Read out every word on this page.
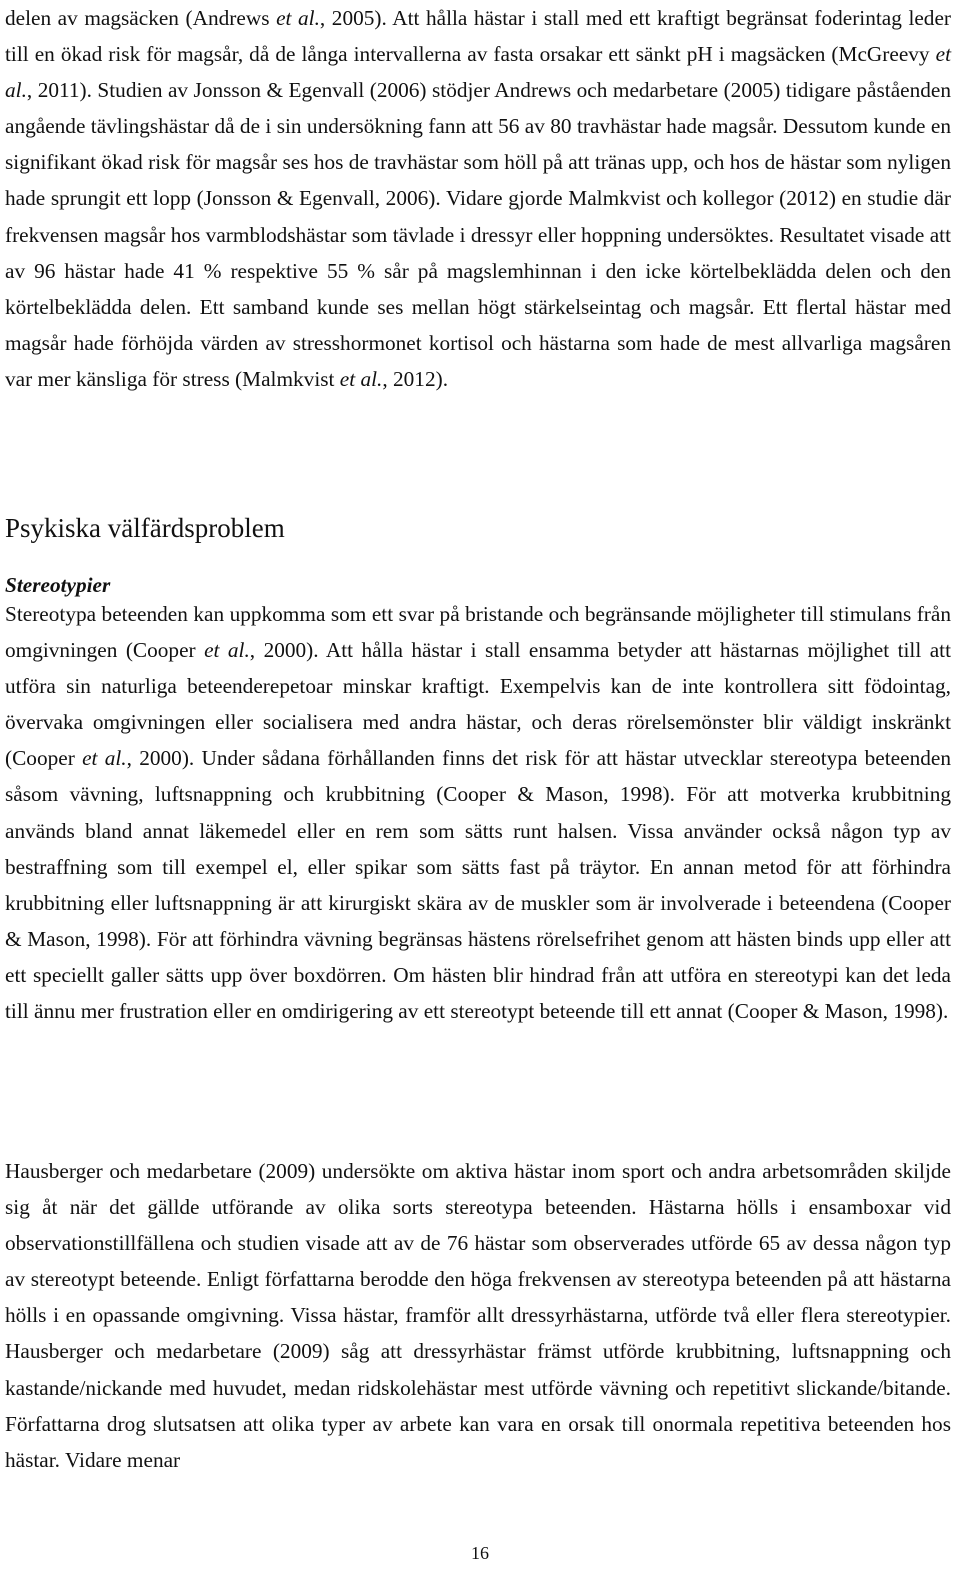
delen av magsäcken (Andrews et al., 2005). Att hålla hästar i stall med ett kraftigt begränsat foderintag leder till en ökad risk för magsår, då de långa intervallerna av fasta orsakar ett sänkt pH i magsäcken (McGreevy et al., 2011). Studien av Jonsson & Egenvall (2006) stödjer Andrews och medarbetare (2005) tidigare påståenden angående tävlingshästar då de i sin undersökning fann att 56 av 80 travhästar hade magsår. Dessutom kunde en signifikant ökad risk för magsår ses hos de travhästar som höll på att tränas upp, och hos de hästar som nyligen hade sprungit ett lopp (Jonsson & Egenvall, 2006). Vidare gjorde Malmkvist och kollegor (2012) en studie där frekvensen magsår hos varmblodshästar som tävlade i dressyr eller hoppning undersöktes. Resultatet visade att av 96 hästar hade 41 % respektive 55 % sår på magslemhinnan i den icke körtelbeklädda delen och den körtelbeklädda delen. Ett samband kunde ses mellan högt stärkelseintag och magsår. Ett flertal hästar med magsår hade förhöjda värden av stresshormonet kortisol och hästarna som hade de mest allvarliga magsåren var mer känsliga för stress (Malmkvist et al., 2012).

Psykiska välfärdsproblem
Stereotypier

Stereotypa beteenden kan uppkomma som ett svar på bristande och begränsande möjligheter till stimulans från omgivningen (Cooper et al., 2000). Att hålla hästar i stall ensamma betyder att hästarnas möjlighet till att utföra sin naturliga beteenderepetoar minskar kraftigt. Exempelvis kan de inte kontrollera sitt födointag, övervaka omgivningen eller socialisera med andra hästar, och deras rörelsemönster blir väldigt inskränkt (Cooper et al., 2000). Under sådana förhållanden finns det risk för att hästar utvecklar stereotypa beteenden såsom vävning, luftsnappning och krubbitning (Cooper & Mason, 1998). För att motverka krubbitning används bland annat läkemedel eller en rem som sätts runt halsen. Vissa använder också någon typ av bestraffning som till exempel el, eller spikar som sätts fast på träytor. En annan metod för att förhindra krubbitning eller luftsnappning är att kirurgiskt skära av de muskler som är involverade i beteendena (Cooper & Mason, 1998). För att förhindra vävning begränsas hästens rörelsefrihet genom att hästen binds upp eller att ett speciellt galler sätts upp över boxdörren. Om hästen blir hindrad från att utföra en stereotypi kan det leda till ännu mer frustration eller en omdirigering av ett stereotypt beteende till ett annat (Cooper & Mason, 1998).

Hausberger och medarbetare (2009) undersökte om aktiva hästar inom sport och andra arbetsområden skiljde sig åt när det gällde utförande av olika sorts stereotypa beteenden. Hästarna hölls i ensamboxar vid observationstillfällena och studien visade att av de 76 hästar som observerades utförde 65 av dessa någon typ av stereotypt beteende. Enligt författarna berodde den höga frekvensen av stereotypa beteenden på att hästarna hölls i en opassande omgivning. Vissa hästar, framför allt dressyrhästarna, utförde två eller flera stereotypier. Hausberger och medarbetare (2009) såg att dressyrhästar främst utförde krubbitning, luftsnappning och kastande/nickande med huvudet, medan ridskolehästar mest utförde vävning och repetitivt slickande/bitande. Författarna drog slutsatsen att olika typer av arbete kan vara en orsak till onormala repetitiva beteenden hos hästar. Vidare menar

16
